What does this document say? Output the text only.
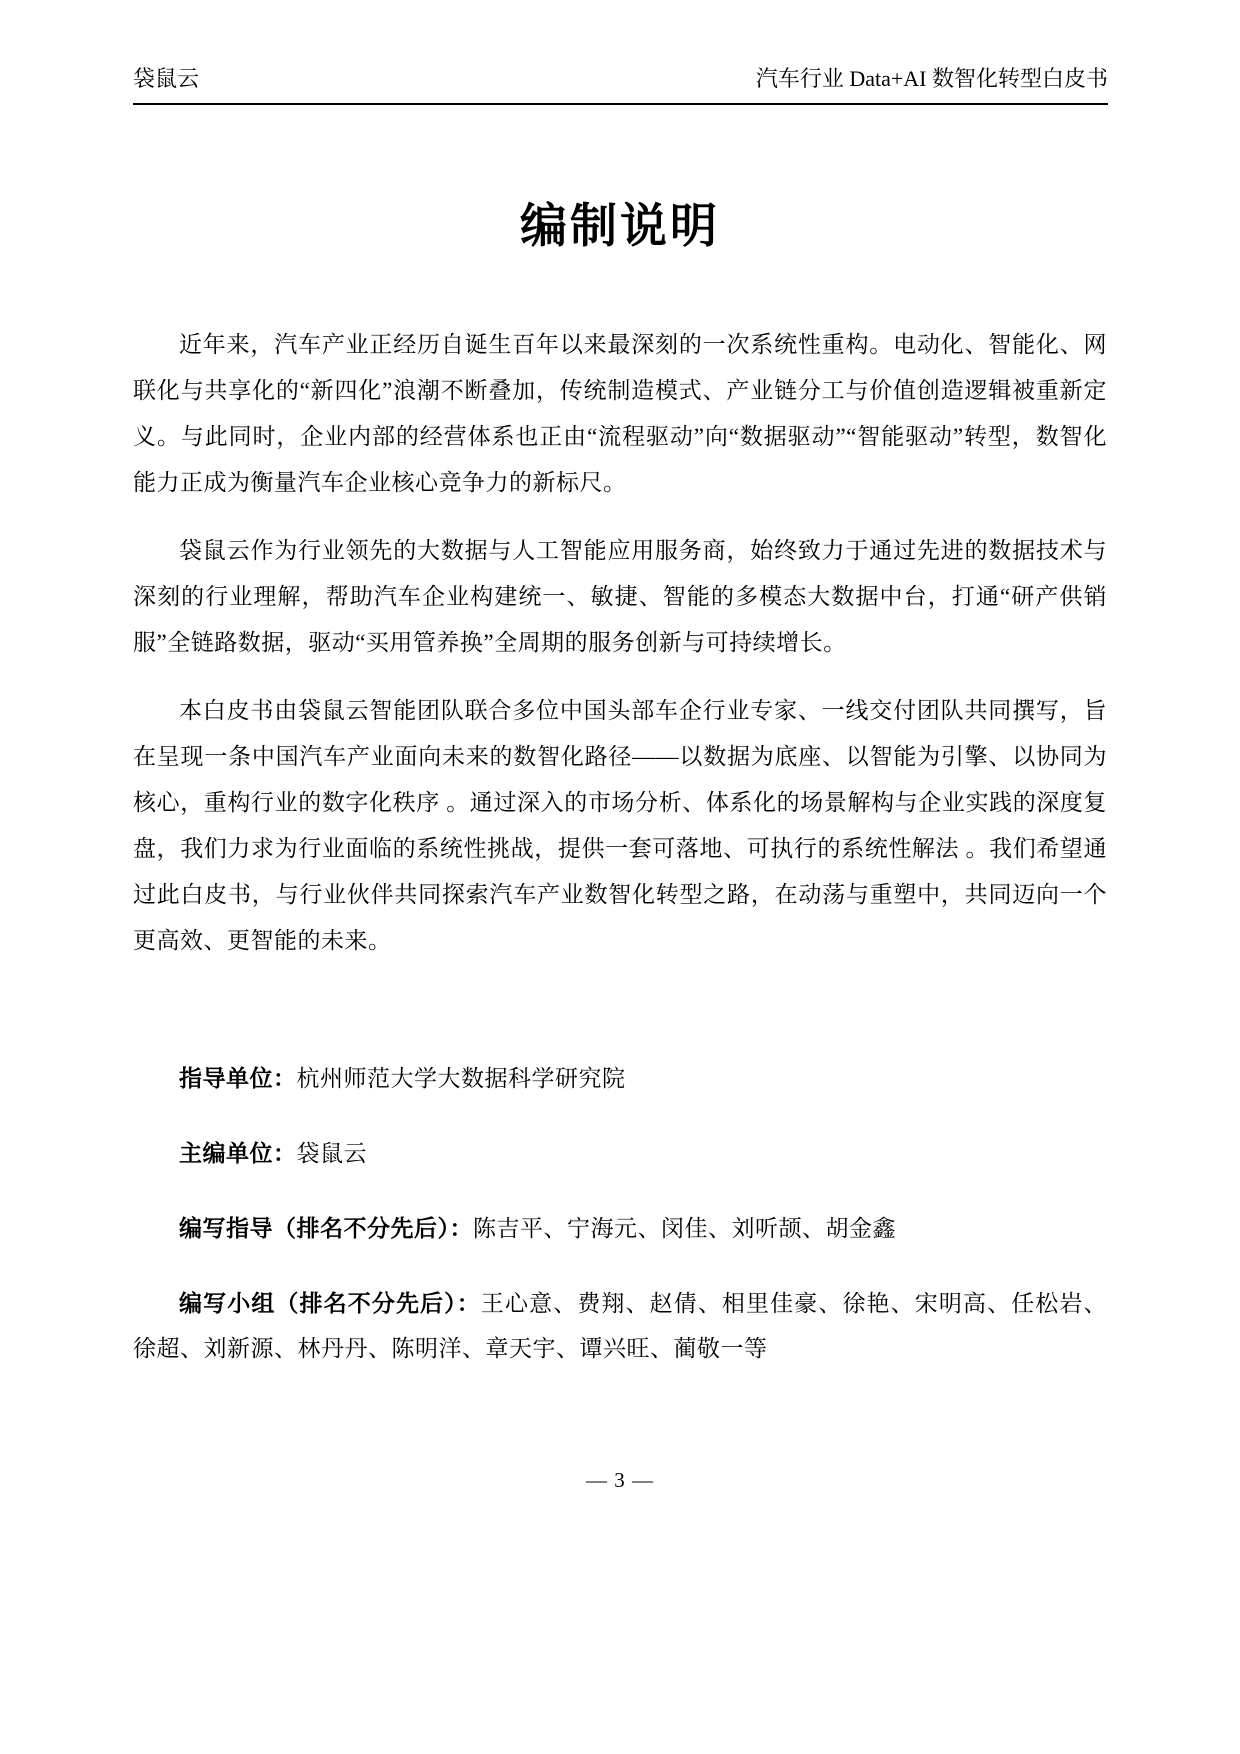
袋鼠云	汽车行业 Data+AI 数智化转型白皮书
编制说明

近年来，汽车产业正经历自诞生百年以来最深刻的一次系统性重构。电动化、智能化、网联化与共享化的“新四化”浪潮不断叠加，传统制造模式、产业链分工与价值创造逻辑被重新定义。与此同时，企业内部的经营体系也正由“流程驱动”向“数据驱动”“智能驱动”转型，数智化能力正成为衡量汽车企业核心竞争力的新标尺。

袋鼠云作为行业领先的大数据与人工智能应用服务商，始终致力于通过先进的数据技术与深刻的行业理解，帮助汽车企业构建统一、敏捷、智能的多模态大数据中台，打通“研产供销服”全链路数据，驱动“买用管养换”全周期的服务创新与可持续增长。

本白皮书由袋鼠云智能团队联合多位中国头部车企行业专家、一线交付团队共同撰写，旨在呈现一条中国汽车产业面向未来的数智化路径——以数据为底座、以智能为引擎、以协同为核心，重构行业的数字化秩序 。通过深入的市场分析、体系化的场景解构与企业实践的深度复盘，我们力求为行业面临的系统性挑战，提供一套可落地、可执行的系统性解法 。我们希望通过此白皮书，与行业伙伴共同探索汽车产业数智化转型之路，在动荡与重塑中，共同迈向一个更高效、更智能的未来。

指导单位：杭州师范大学大数据科学研究院

主编单位：袋鼠云

编写指导（排名不分先后）：陈吉平、宁海元、闵佳、刘听颉、胡金鑫

编写小组（排名不分先后）：王心意、费翔、赵倩、相里佳豪、徐艳、宋明高、任松岩、徐超、刘新源、林丹丹、陈明洋、章天宇、谭兴旺、蔺敬一等

— 3 —
